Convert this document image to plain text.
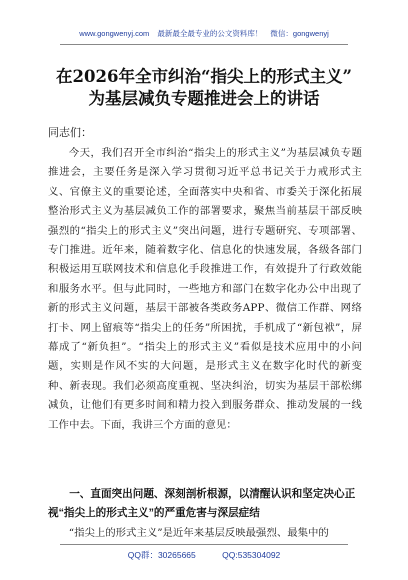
www.gongwenyj.com 最新最全最专业的公文资料库！ 微信：gongwenyj
在2026年全市纠治“指尖上的形式主义”
为基层减负专题推进会上的讲话
同志们：

今天，我们召开全市纠治“指尖上的形式主义”为基层减负专题推进会，主要任务是深入学习贯彻习近平总书记关于力戒形式主义、官僚主义的重要论述，全面落实中央和省、市委关于深化拓展整治形式主义为基层减负工作的部署要求，聚焦当前基层干部反映强烈的“指尖上的形式主义”突出问题，进行专题研究、专项部署、专门推进。近年来，随着数字化、信息化的快速发展，各级各部门积极运用互联网技术和信息化手段推进工作，有效提升了行政效能和服务水平。但与此同时，一些地方和部门在数字化办公中出现了新的形式主义问题，基层干部被各类政务APP、微信工作群、网络打卡、网上留痕等“指尖上的任务”所困扰，手机成了“新包袱”，屏幕成了“新负担”。“指尖上的形式主义”看似是技术应用中的小问题，实则是作风不实的大问题，是形式主义在数字化时代的新变种、新表现。我们必须高度重视、坚决纠治，切实为基层干部松绑减负，让他们有更多时间和精力投入到服务群众、推动发展的一线工作中去。下面，我讲三个方面的意见：

一、直面突出问题、深刻剖析根源，以清醒认识和坚定决心正视“指尖上的形式主义”的严重危害与深层症结
“指尖上的形式主义”是近年来基层反映最强烈、最集中的
QQ群：30265665	QQ:535304092
